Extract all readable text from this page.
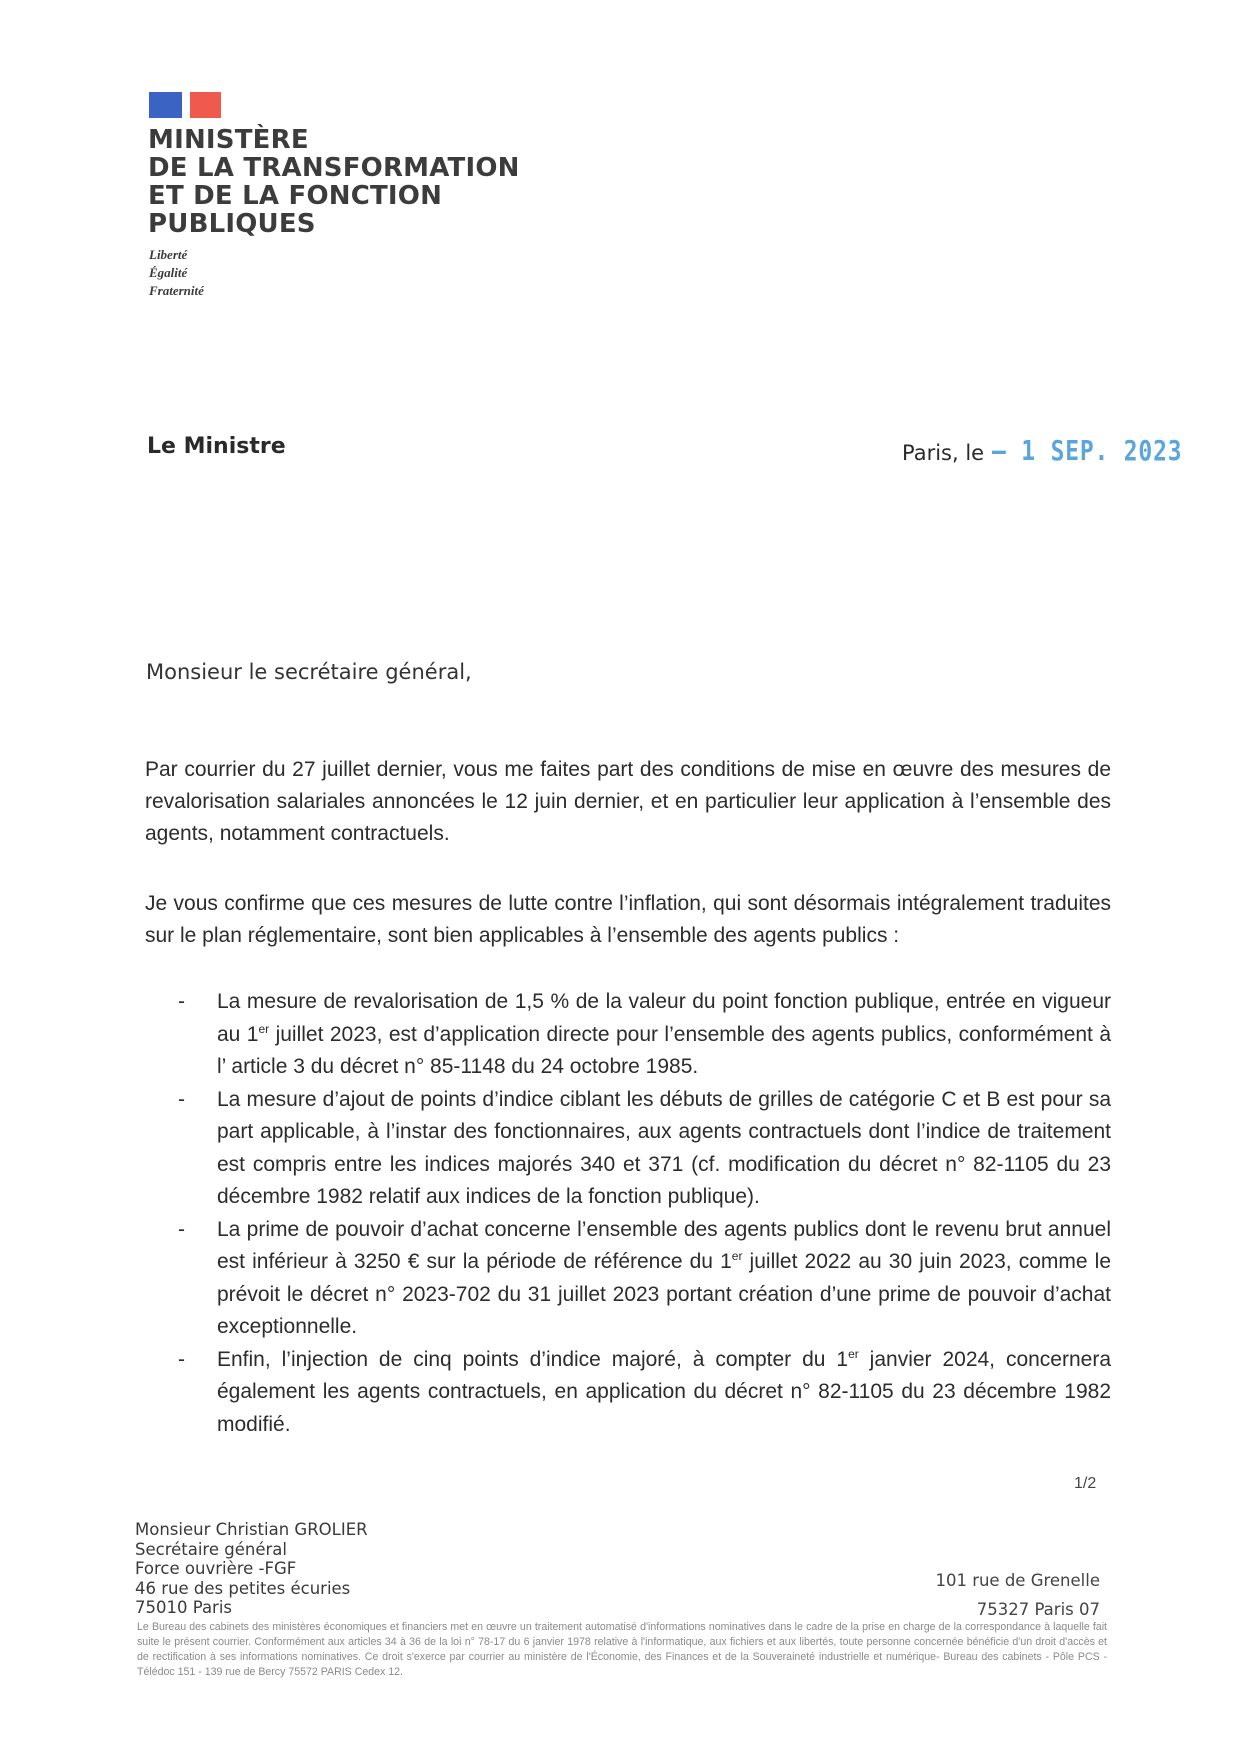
MINISTÈRE
DE LA TRANSFORMATION
ET DE LA FONCTION
PUBLIQUES
Liberté
Égalité
Fraternité
Le Ministre	Paris, le – 1 SEP. 2023
Monsieur le secrétaire général,
Par courrier du 27 juillet dernier, vous me faites part des conditions de mise en œuvre des mesures de revalorisation salariales annoncées le 12 juin dernier, et en particulier leur application à l’ensemble des agents, notamment contractuels.
Je vous confirme que ces mesures de lutte contre l’inflation, qui sont désormais intégralement traduites sur le plan réglementaire, sont bien applicables à l’ensemble des agents publics :
-	La mesure de revalorisation de 1,5 % de la valeur du point fonction publique, entrée en vigueur au 1er juillet 2023, est d’application directe pour l’ensemble des agents publics, conformément à l’ article 3 du décret n° 85-1148 du 24 octobre 1985.
-	La mesure d’ajout de points d’indice ciblant les débuts de grilles de catégorie C et B est pour sa part applicable, à l’instar des fonctionnaires, aux agents contractuels dont l’indice de traitement est compris entre les indices majorés 340 et 371 (cf. modification du décret n° 82-1105 du 23 décembre 1982 relatif aux indices de la fonction publique).
-	La prime de pouvoir d’achat concerne l’ensemble des agents publics dont le revenu brut annuel est inférieur à 3250 € sur la période de référence du 1er juillet 2022 au 30 juin 2023, comme le prévoit le décret n° 2023-702 du 31 juillet 2023 portant création d’une prime de pouvoir d’achat exceptionnelle.
-	Enfin, l’injection de cinq points d’indice majoré, à compter du 1er janvier 2024, concernera également les agents contractuels, en application du décret n° 82-1105 du 23 décembre 1982 modifié.
1/2
Monsieur Christian GROLIER
Secrétaire général
Force ouvrière -FGF
46 rue des petites écuries
75010 Paris
101 rue de Grenelle
75327 Paris 07
Le Bureau des cabinets des ministères économiques et financiers met en œuvre un traitement automatisé d'informations nominatives dans le cadre de la prise en charge de la correspondance à laquelle fait suite le présent courrier. Conformément aux articles 34 à 36 de la loi n° 78-17 du 6 janvier 1978 relative à l'informatique, aux fichiers et aux libertés, toute personne concernée bénéficie d'un droit d'accès et de rectification à ses informations nominatives. Ce droit s'exerce par courrier au ministère de l'Économie, des Finances et de la Souveraineté industrielle et numérique- Bureau des cabinets - Pôle PCS - Télédoc 151 - 139 rue de Bercy 75572 PARIS Cedex 12.
